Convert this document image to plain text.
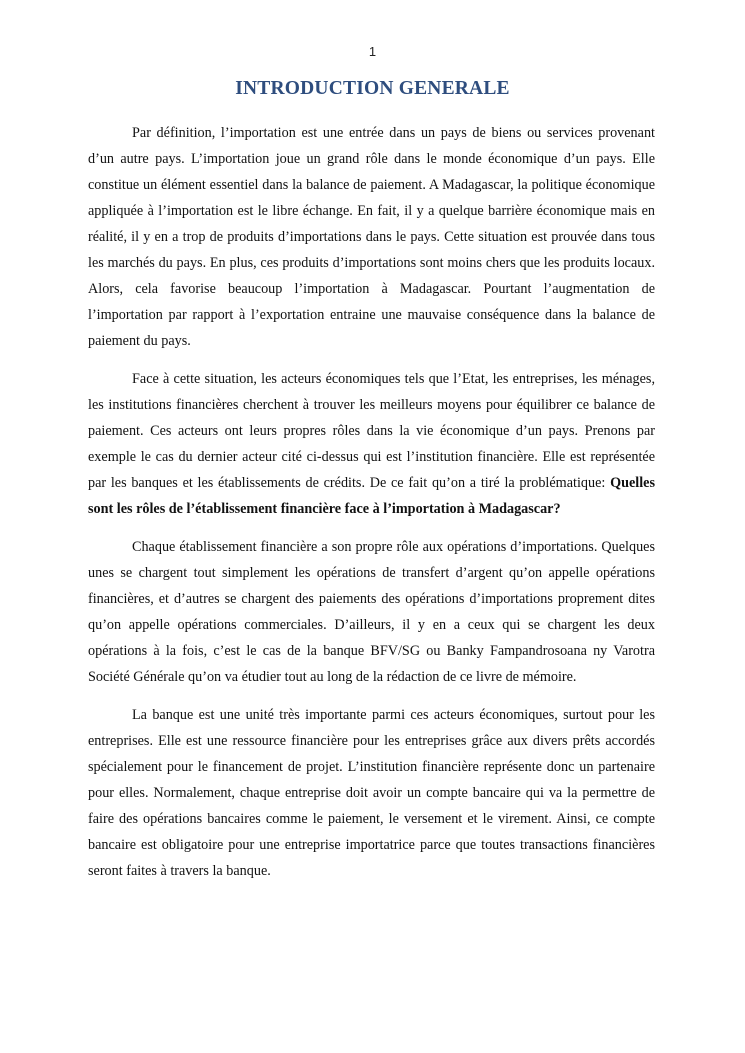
1
INTRODUCTION GENERALE

Par définition, l’importation est une entrée dans un pays de biens ou services provenant d’un autre pays. L’importation joue un grand rôle dans le monde économique d’un pays. Elle constitue un élément essentiel dans la balance de paiement. A Madagascar, la politique économique appliquée à l’importation est le libre échange. En fait, il y a quelque barrière économique mais en réalité, il y en a trop de produits d’importations dans le pays. Cette situation est prouvée dans tous les marchés du pays. En plus, ces produits d’importations sont moins chers que les produits locaux. Alors, cela favorise beaucoup l’importation à Madagascar. Pourtant l’augmentation de l’importation par rapport à l’exportation entraine une mauvaise conséquence dans la balance de paiement du pays.

Face à cette situation, les acteurs économiques tels que l’Etat, les entreprises, les ménages, les institutions financières cherchent à trouver les meilleurs moyens pour équilibrer ce balance de paiement. Ces acteurs ont leurs propres rôles dans la vie économique d’un pays. Prenons par exemple le cas du dernier acteur cité ci-dessus qui est l’institution financière. Elle est représentée par les banques et les établissements de crédits. De ce fait qu’on a tiré la problématique: Quelles sont les rôles de l’établissement financière face à l’importation à Madagascar?

Chaque établissement financière a son propre rôle aux opérations d’importations. Quelques unes se chargent tout simplement les opérations de transfert d’argent qu’on appelle opérations financières, et d’autres se chargent des paiements des opérations d’importations proprement dites qu’on appelle opérations commerciales. D’ailleurs, il y en a ceux qui se chargent les deux opérations à la fois, c’est le cas de la banque BFV/SG ou Banky Fampandrosoana ny Varotra Société Générale qu’on va étudier tout au long de la rédaction de ce livre de mémoire.

La banque est une unité très importante parmi ces acteurs économiques, surtout pour les entreprises. Elle est une ressource financière pour les entreprises grâce aux divers prêts accordés spécialement pour le financement de projet. L’institution financière représente donc un partenaire pour elles. Normalement, chaque entreprise doit avoir un compte bancaire qui va la permettre de faire des opérations bancaires comme le paiement, le versement et le virement. Ainsi, ce compte bancaire est obligatoire pour une entreprise importatrice parce que toutes transactions financières seront faites à travers la banque.
